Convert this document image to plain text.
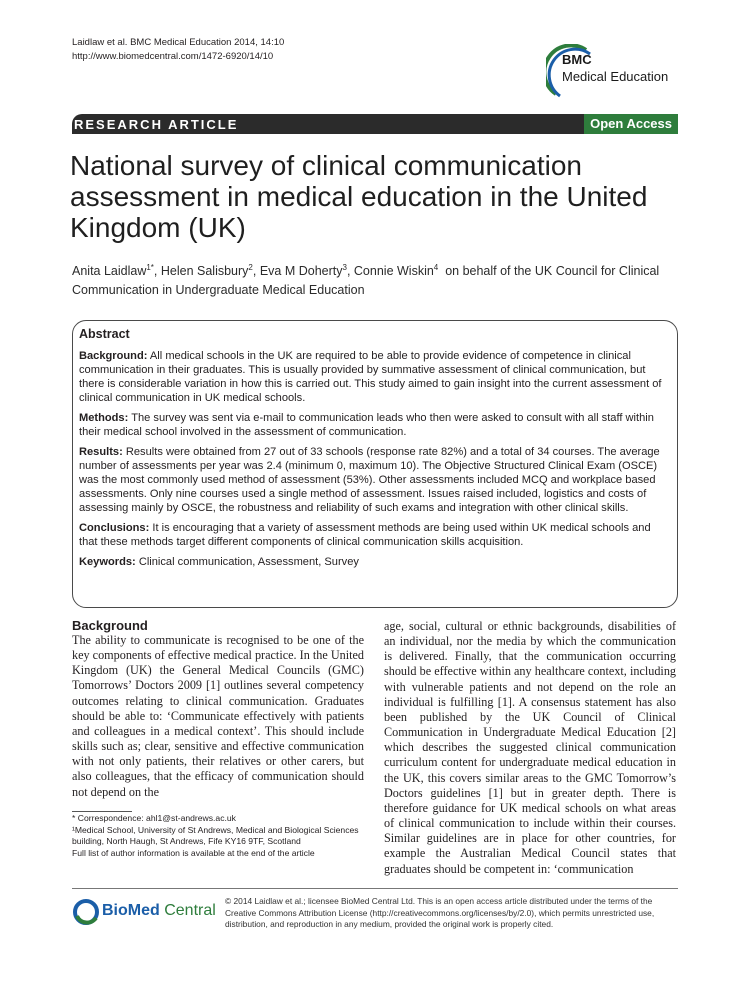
Laidlaw et al. BMC Medical Education 2014, 14:10
http://www.biomedcentral.com/1472-6920/14/10	BMC
Medical Education
RESEARCH ARTICLE	Open Access
National survey of clinical communication assessment in medical education in the United Kingdom (UK)
Anita Laidlaw$^{1*}$, Helen Salisbury$^2$, Eva M Doherty$^3$, Connie Wiskin$^4$ on behalf of the UK Council for Clinical Communication in Undergraduate Medical Education
Abstract

Background: All medical schools in the UK are required to be able to provide evidence of competence in clinical communication in their graduates. This is usually provided by summative assessment of clinical communication, but there is considerable variation in how this is carried out. This study aimed to gain insight into the current assessment of clinical communication in UK medical schools.

Methods: The survey was sent via e-mail to communication leads who then were asked to consult with all staff within their medical school involved in the assessment of communication.

Results: Results were obtained from 27 out of 33 schools (response rate 82%) and a total of 34 courses. The average number of assessments per year was 2.4 (minimum 0, maximum 10). The Objective Structured Clinical Exam (OSCE) was the most commonly used method of assessment (53%). Other assessments included MCQ and workplace based assessments. Only nine courses used a single method of assessment. Issues raised included, logistics and costs of assessing mainly by OSCE, the robustness and reliability of such exams and integration with other clinical skills.

Conclusions: It is encouraging that a variety of assessment methods are being used within UK medical schools and that these methods target different components of clinical communication skills acquisition.

Keywords: Clinical communication, Assessment, Survey

Background

The ability to communicate is recognised to be one of the key components of effective medical practice. In the United Kingdom (UK) the General Medical Councils (GMC) Tomorrows’ Doctors 2009 [1] outlines several competency outcomes relating to clinical communication. Graduates should be able to: ‘Communicate effectively with patients and colleagues in a medical context’. This should include skills such as; clear, sensitive and effective communication with not only patients, their relatives or other carers, but also colleagues, that the efficacy of communication should not depend on the

age, social, cultural or ethnic backgrounds, disabilities of an individual, nor the media by which the communication is delivered. Finally, that the communication occurring should be effective within any healthcare context, including with vulnerable patients and not depend on the role an individual is fulfilling [1]. A consensus statement has also been published by the UK Council of Clinical Communication in Undergraduate Medical Education [2] which describes the suggested clinical communication curriculum content for undergraduate medical education in the UK, this covers similar areas to the GMC Tomorrow’s Doctors guidelines [1] but in greater depth. There is therefore guidance for UK medical schools on what areas of clinical communication to include within their courses. Similar guidelines are in place for other countries, for example the Australian Medical Council states that graduates should be competent in: ‘communication

* Correspondence: ahl1@st-andrews.ac.uk
¹Medical School, University of St Andrews, Medical and Biological Sciences
building, North Haugh, St Andrews, Fife KY16 9TF, Scotland
Full list of author information is available at the end of the article
BioMed Central
© 2014 Laidlaw et al.; licensee BioMed Central Ltd. This is an open access article distributed under the terms of the Creative Commons Attribution License (http://creativecommons.org/licenses/by/2.0), which permits unrestricted use, distribution, and reproduction in any medium, provided the original work is properly cited.
